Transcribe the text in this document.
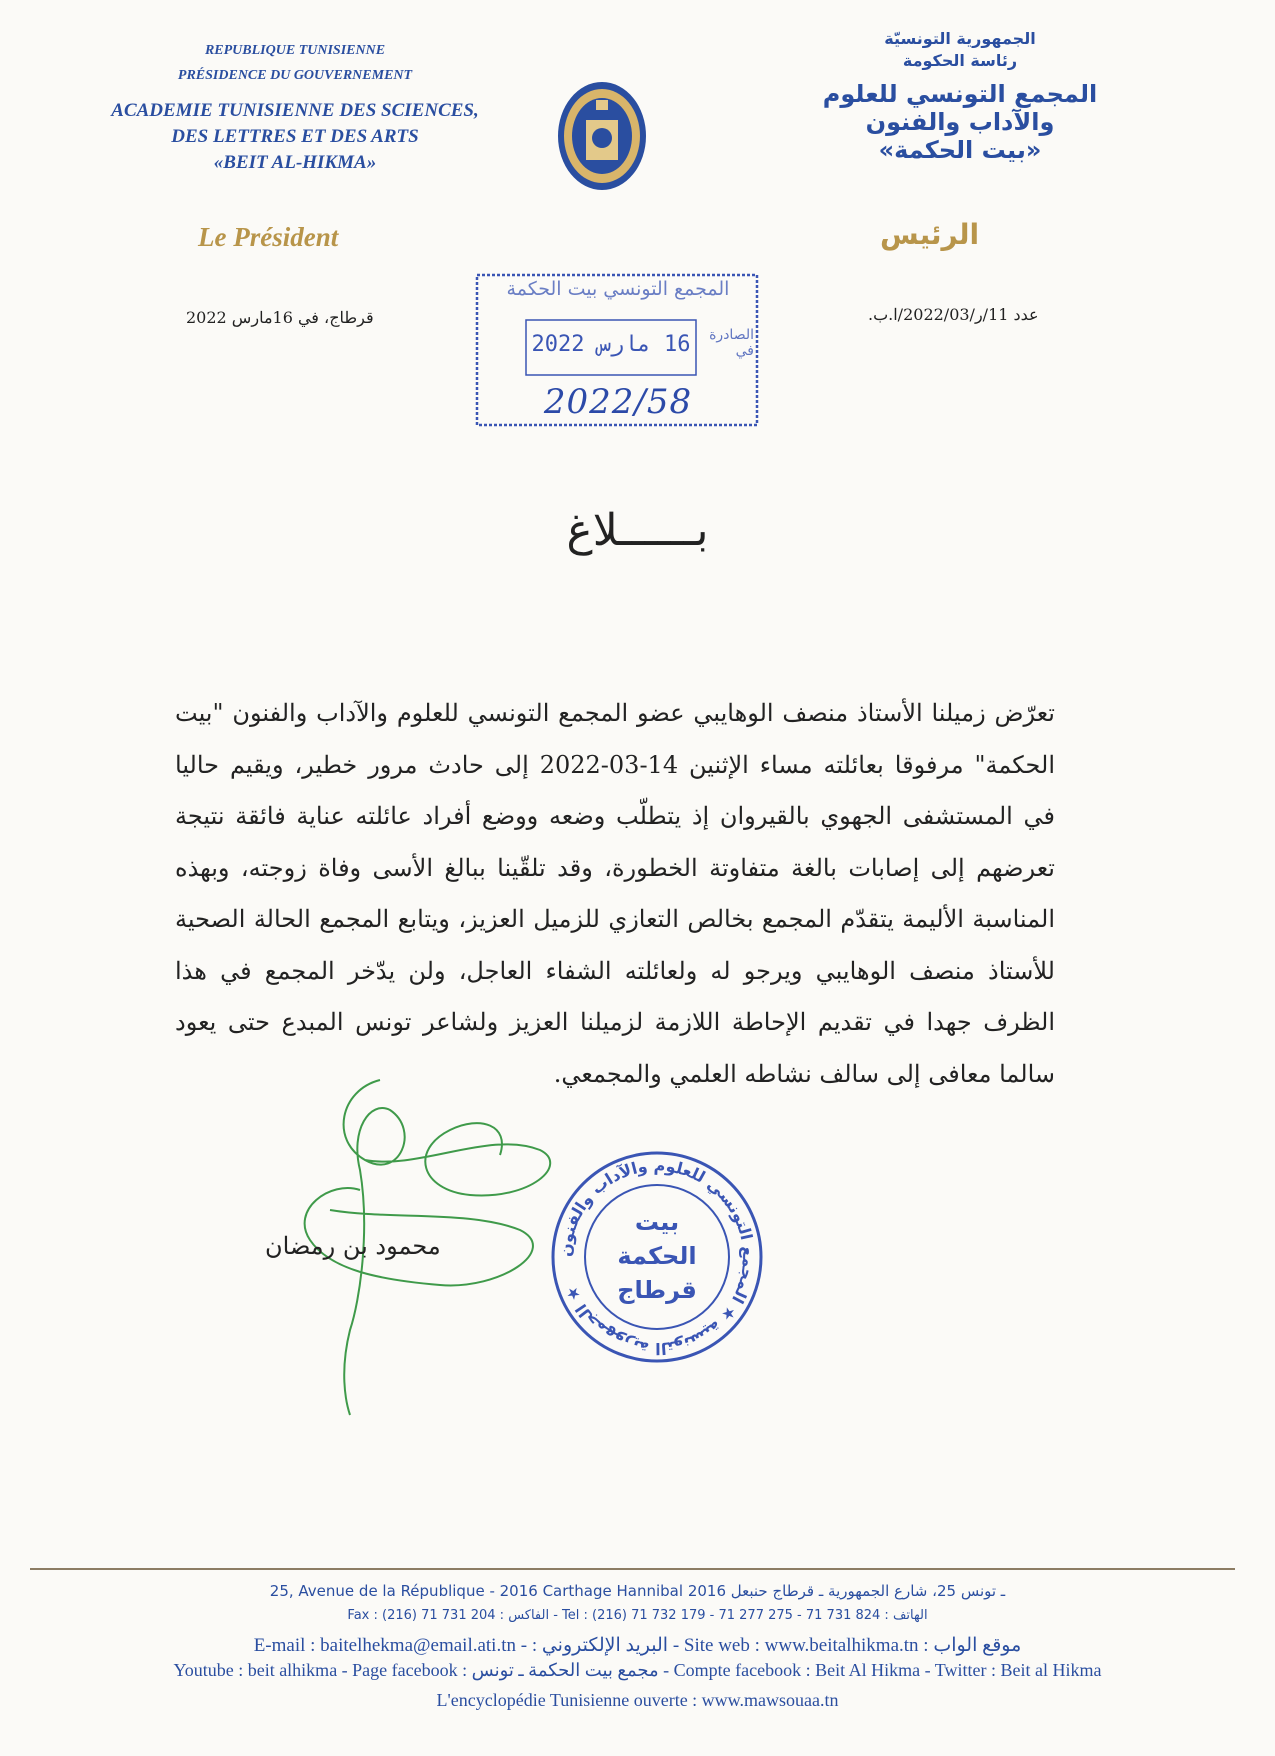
REPUBLIQUE TUNISIENNE
PRÉSIDENCE DU GOUVERNEMENT
ACADEMIE TUNISIENNE DES SCIENCES,
DES LETTRES ET DES ARTS
«BEIT AL-HIKMA»
الجمهورية التونسيّة
رئاسة الحكومة
المجمع التونسي للعلوم
والآداب والفنون
«بيت الحكمة»
Le Président	الرئيس
قرطاج، في 16مارس 2022	عدد 11/ر/2022/03/ا.ب.
المجمع التونسي بيت الحكمة
الصادرة في
16 مارس 2022
2022/58
بــــــلاغ
تعرّض زميلنا الأستاذ منصف الوهايبي عضو المجمع التونسي للعلوم والآداب والفنون "بيت الحكمة" مرفوقا بعائلته مساء الإثنين 14-03-2022 إلى حادث مرور خطير، ويقيم حاليا في المستشفى الجهوي بالقيروان إذ يتطلّب وضعه ووضع أفراد عائلته عناية فائقة نتيجة تعرضهم إلى إصابات بالغة متفاوتة الخطورة، وقد تلقّينا ببالغ الأسى وفاة زوجته، وبهذه المناسبة الأليمة يتقدّم المجمع بخالص التعازي للزميل العزيز، ويتابع المجمع الحالة الصحية للأستاذ منصف الوهايبي ويرجو له ولعائلته الشفاء العاجل، ولن يدّخر المجمع في هذا الظرف جهدا في تقديم الإحاطة اللازمة لزميلنا العزيز ولشاعر تونس المبدع حتى يعود سالما معافى إلى سالف نشاطه العلمي والمجمعي.
محمود بن رمضان	الجمهورية التونسية ★ المجمع التونسي للعلوم والآداب والفنون ★
بيت
الحكمة
قرطاج
25, Avenue de la République - 2016 Carthage Hannibal ـ تونس 25، شارع الجمهورية ـ قرطاج حنبعل 2016
Fax : (216) 71 731 204 : الفاكس - Tel : (216) 71 732 179 - 71 277 275 - 71 731 824 : الهاتف
E-mail : baitelhekma@email.ati.tn - : البريد الإلكتروني - Site web : www.beitalhikma.tn : موقع الواب
Youtube : beit alhikma - Page facebook : مجمع بيت الحكمة ـ تونس - Compte facebook : Beit Al Hikma - Twitter : Beit al Hikma
L'encyclopédie Tunisienne ouverte : www.mawsouaa.tn
